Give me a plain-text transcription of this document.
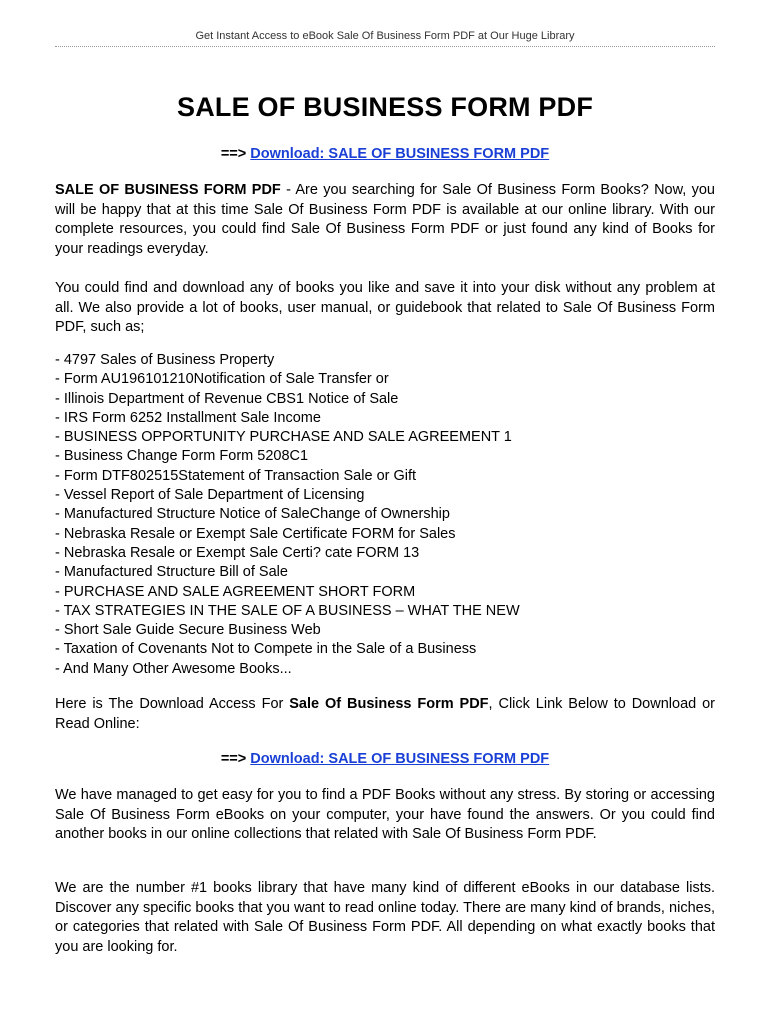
Get Instant Access to eBook Sale Of Business Form PDF at Our Huge Library
SALE OF BUSINESS FORM PDF
==> Download: SALE OF BUSINESS FORM PDF

SALE OF BUSINESS FORM PDF - Are you searching for Sale Of Business Form Books? Now, you will be happy that at this time Sale Of Business Form PDF is available at our online library. With our complete resources, you could find Sale Of Business Form PDF or just found any kind of Books for your readings everyday.

You could find and download any of books you like and save it into your disk without any problem at all. We also provide a lot of books, user manual, or guidebook that related to Sale Of Business Form PDF, such as;

- 4797 Sales of Business Property
- Form AU196101210Notification of Sale Transfer or
- Illinois Department of Revenue CBS1 Notice of Sale
- IRS Form 6252 Installment Sale Income
- BUSINESS OPPORTUNITY PURCHASE AND SALE AGREEMENT 1
- Business Change Form Form 5208C1
- Form DTF802515Statement of Transaction Sale or Gift
- Vessel Report of Sale Department of Licensing
- Manufactured Structure Notice of SaleChange of Ownership
- Nebraska Resale or Exempt Sale Certificate FORM for Sales
- Nebraska Resale or Exempt Sale Certi? cate FORM 13
- Manufactured Structure Bill of Sale
- PURCHASE AND SALE AGREEMENT SHORT FORM
- TAX STRATEGIES IN THE SALE OF A BUSINESS – WHAT THE NEW
- Short Sale Guide Secure Business Web
- Taxation of Covenants Not to Compete in the Sale of a Business
- And Many Other Awesome Books...

Here is The Download Access For Sale Of Business Form PDF, Click Link Below to Download or Read Online:

==> Download: SALE OF BUSINESS FORM PDF

We have managed to get easy for you to find a PDF Books without any stress. By storing or accessing Sale Of Business Form eBooks on your computer, your have found the answers. Or you could find another books in our online collections that related with Sale Of Business Form PDF.

We are the number #1 books library that have many kind of different eBooks in our database lists. Discover any specific books that you want to read online today. There are many kind of brands, niches, or categories that related with Sale Of Business Form PDF. All depending on what exactly books that you are looking for.
